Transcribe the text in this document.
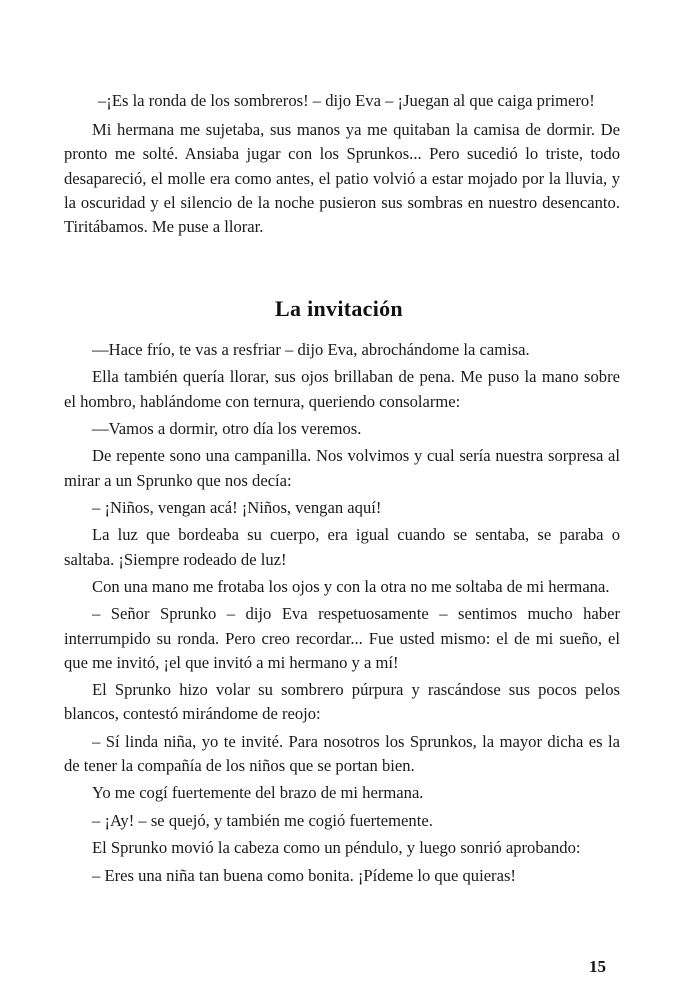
–¡Es la ronda de los sombreros! – dijo Eva – ¡Juegan al que caiga primero!

Mi hermana me sujetaba, sus manos ya me quitaban la camisa de dormir. De pronto me solté. Ansiaba jugar con los Sprunkos... Pero sucedió lo triste, todo desapareció, el molle era como antes, el patio volvió a estar mojado por la lluvia, y la oscuridad y el silencio de la noche pusieron sus sombras en nuestro desencanto. Tiritábamos. Me puse a llorar.

La invitación

—Hace frío, te vas a resfriar – dijo Eva, abrochándome la camisa.

Ella también quería llorar, sus ojos brillaban de pena. Me puso la mano sobre el hombro, hablándome con ternura, queriendo consolarme:

—Vamos a dormir, otro día los veremos.

De repente sono una campanilla. Nos volvimos y cual sería nuestra sorpresa al mirar a un Sprunko que nos decía:

– ¡Niños, vengan acá! ¡Niños, vengan aquí!

La luz que bordeaba su cuerpo, era igual cuando se sentaba, se paraba o saltaba. ¡Siempre rodeado de luz!

Con una mano me frotaba los ojos y con la otra no me soltaba de mi hermana.

– Señor Sprunko – dijo Eva respetuosamente – sentimos mucho haber interrumpido su ronda. Pero creo recordar... Fue usted mismo: el de mi sueño, el que me invitó, ¡el que invitó a mi hermano y a mí!

El Sprunko hizo volar su sombrero púrpura y rascándose sus pocos pelos blancos, contestó mirándome de reojo:

– Sí linda niña, yo te invité. Para nosotros los Sprunkos, la mayor dicha es la de tener la compañía de los niños que se portan bien.

Yo me cogí fuertemente del brazo de mi hermana.

– ¡Ay! – se quejó, y también me cogió fuertemente.

El Sprunko movió la cabeza como un péndulo, y luego sonrió aprobando:

– Eres una niña tan buena como bonita. ¡Pídeme lo que quieras!

15
